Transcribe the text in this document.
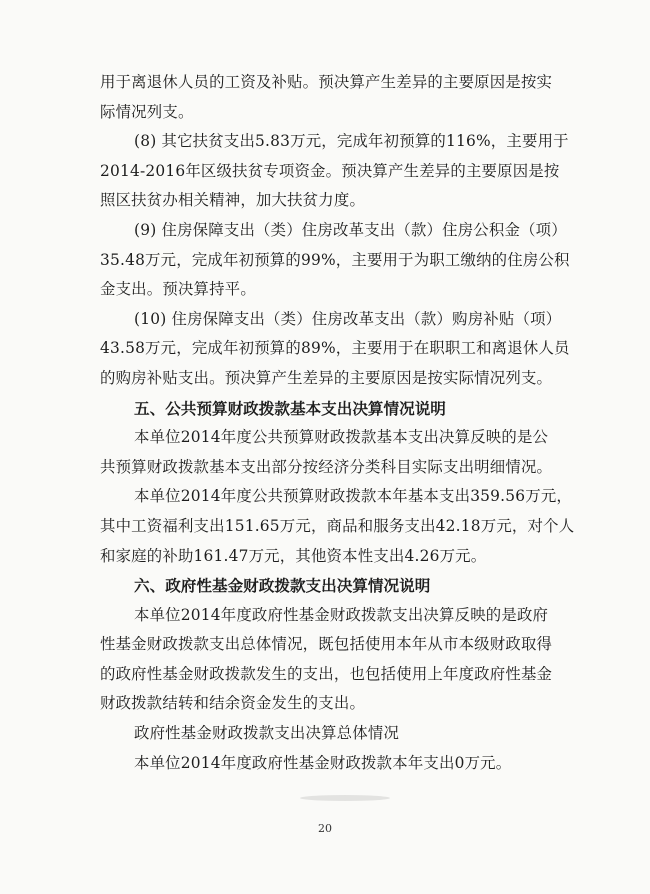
用于离退休人员的工资及补贴。预决算产生差异的主要原因是按实
际情况列支。

(8) 其它扶贫支出5.83万元，完成年初预算的116%，主要用于
2014-2016年区级扶贫专项资金。预决算产生差异的主要原因是按
照区扶贫办相关精神，加大扶贫力度。

(9) 住房保障支出（类）住房改革支出（款）住房公积金（项）
35.48万元，完成年初预算的99%，主要用于为职工缴纳的住房公积
金支出。预决算持平。

(10) 住房保障支出（类）住房改革支出（款）购房补贴（项）
43.58万元，完成年初预算的89%，主要用于在职职工和离退休人员
的购房补贴支出。预决算产生差异的主要原因是按实际情况列支。

五、公共预算财政拨款基本支出决算情况说明

本单位2014年度公共预算财政拨款基本支出决算反映的是公
共预算财政拨款基本支出部分按经济分类科目实际支出明细情况。

本单位2014年度公共预算财政拨款本年基本支出359.56万元，
其中工资福利支出151.65万元，商品和服务支出42.18万元，对个人
和家庭的补助161.47万元，其他资本性支出4.26万元。

六、政府性基金财政拨款支出决算情况说明

本单位2014年度政府性基金财政拨款支出决算反映的是政府
性基金财政拨款支出总体情况，既包括使用本年从市本级财政取得
的政府性基金财政拨款发生的支出，也包括使用上年度政府性基金
财政拨款结转和结余资金发生的支出。

政府性基金财政拨款支出决算总体情况

本单位2014年度政府性基金财政拨款本年支出0万元。

20
